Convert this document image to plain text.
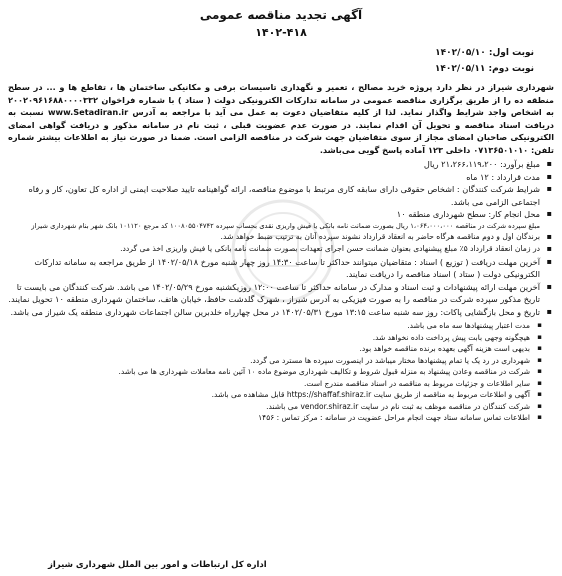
آگهی تجدید مناقصه عمومی
۱۴۰۲-۴۱۸
نوبت اول: ۱۴۰۲/۰۵/۱۰
نوبت دوم: ۱۴۰۲/۰۵/۱۱
شهرداری شیراز در نظر دارد پروژه خرید مصالح ، تعمیر و نگهداری تاسیسات برقی و مکانیکی ساختمان ها ، تقاطع ها و ... در سطح منطقه ده را از طریق برگزاری مناقصه عمومی در سامانه تدارکات الکترونیکی دولت ( ستاد ) با شماره فراخوان ۲۰۰۲۰۹۶۱۶۸۸۰۰۰۰۳۳۲ به اشخاص واجد شرایط واگذار نماید. لذا از کلیه متقاضیان دعوت به عمل می آید با مراجعه به آدرس www.Setadiran.ir نسبت به دریافت اسناد مناقصه و تحویل آن اقدام نمایند. در صورت عدم عضویت قبلی ، ثبت نام در سامانه مذکور و دریافت گواهی امضای الکترونیکی صاحبان امضای مجاز از سوی متقاضیان جهت شرکت در مناقصه الزامی است. ضمنا در صورت نیاز به اطلاعات بیشتر شماره تلفن: ۰۷۱۳۶۵۰۱۰۱۰ داخلی ۱۲۳ آماده پاسخ گویی می‌باشد.
▪ مبلغ برآورد: ۲۱،۲۶۶،۱۱۹،۲۰۰ ریال
▪ مدت قرارداد : ۱۲ ماه
▪ شرایط شرکت کنندگان : اشخاص حقوقی دارای سابقه کاری مرتبط با موضوع مناقصه، ارائه گواهینامه تایید صلاحیت ایمنی از اداره کل تعاون، کار و رفاه اجتماعی الزامی می باشد.
▪ محل انجام کار: سطح شهرداری منطقه ۱۰
مبلغ سپرده شرکت در مناقصه ۱،۰۶۴،۰۰۰،۰۰۰ ریال بصورت ضمانت نامه بانکی یا فیش واریزی نقدی بحساب سپرده ۱۰۰۸۰۵۵۰۴۷۴۲ کد مرجع ۱۰۱۱۲۰ بانک شهر بنام شهرداری شیراز
▪ برندگان اول و دوم مناقصه هرگاه حاضر به انعقاد قرارداد نشوند سپرده آنان به ترتیب ضبط خواهد شد.
▪ در زمان انعقاد قرارداد ۵٪ مبلغ پیشنهادی بعنوان ضمانت حسن اجرای تعهدات بصورت ضمانت نامه بانکی یا فیش واریزی اخذ می گردد.
▪ آخرین مهلت دریافت ( توزیع ) اسناد : متقاضیان میتوانند حداکثر تا ساعت ۱۴:۳۰ روز چهار شنبه مورخ ۱۴۰۲/۰۵/۱۸ از طریق مراجعه به سامانه تدارکات الکترونیکی دولت ( ستاد ) اسناد مناقصه را دریافت نمایند.
▪ آخرین مهلت ارائه پیشنهادات و ثبت اسناد و مدارک در سامانه حداکثر تا ساعت ۱۲:۰۰ روزیکشنبه مورخ ۱۴۰۲/۰۵/۲۹ می باشد. شرکت کنندگان می بایست تا تاریخ مذکور سپرده شرکت در مناقصه را به صورت فیزیکی به آدرس شیراز ، شهرک گلدشت حافظ، خیابان هاتف، ساختمان شهرداری منطقه ۱۰ تحویل نمایند.
▪ تاریخ و محل بازگشایی پاکات: روز سه شنبه ساعت ۱۳:۱۵ مورخ ۱۴۰۲/۰۵/۳۱ در محل چهارراه خلدبرین سالن اجتماعات شهرداری منطقه یک شیراز می باشد.
▪ مدت اعتبار پیشنهادها سه ماه می باشد.
▪ هیچگونه وجهی بابت پیش پرداخت داده نخواهد شد.
▪ بدیهی است هزینه آگهی بعهده برنده مناقصه خواهد بود.
▪ شهرداری در رد یک یا تمام پیشنهادها مختار میباشد در اینصورت سپرده ها مسترد می گردد.
▪ شرکت در مناقصه وعادن پیشنهاد به منزله قبول شروط و تکالیف شهرداری موضوع ماده ۱۰ آئین نامه معاملات شهرداری ها می باشد.
▪ سایر اطلاعات و جزئیات مربوط به مناقصه در اسناد مناقصه مندرج است.
▪ آگهی و اطلاعات مربوط به مناقصه از طریق سایت https://shaffaf.shiraz.ir قابل مشاهده می باشد.
▪ شرکت کنندگان در مناقصه موظف به ثبت نام در سایت vendor.shiraz.ir می باشند.
▪ اطلاعات تماس سامانه ستاد جهت انجام مراحل عضویت در سامانه : مرکز تماس : ۱۴۵۶
اداره کل ارتباطات و امور بین الملل شهرداری شیراز
